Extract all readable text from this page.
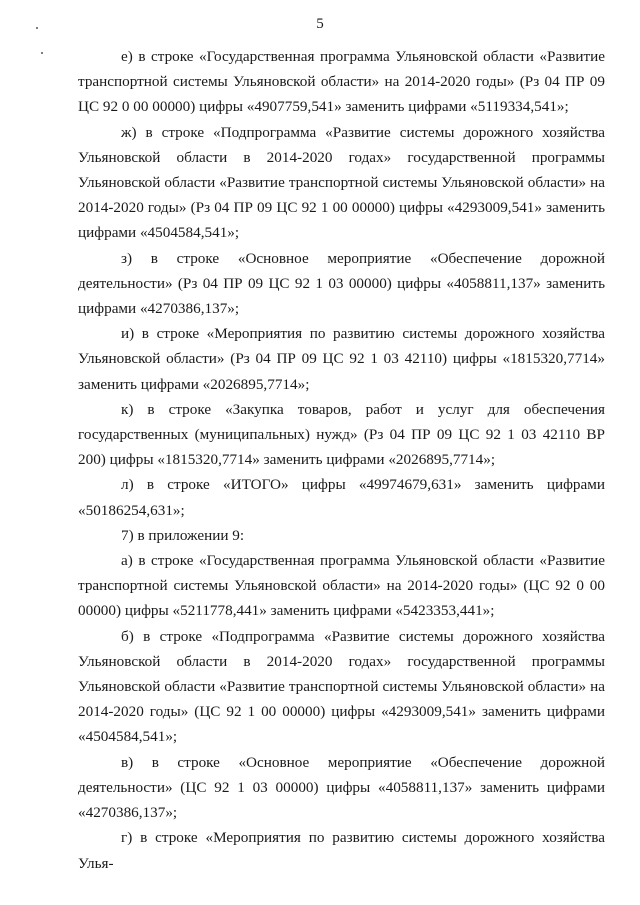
5

е) в строке «Государственная программа Ульяновской области «Развитие транспортной системы Ульяновской области» на 2014-2020 годы» (Рз 04 ПР 09 ЦС 92 0 00 00000) цифры «4907759,541» заменить цифрами «5119334,541»;

ж) в строке «Подпрограмма «Развитие системы дорожного хозяйства Ульяновской области в 2014-2020 годах» государственной программы Ульяновской области «Развитие транспортной системы Ульяновской области» на 2014-2020 годы» (Рз 04 ПР 09 ЦС 92 1 00 00000) цифры «4293009,541» заменить цифрами «4504584,541»;

з) в строке «Основное мероприятие «Обеспечение дорожной деятельности» (Рз 04 ПР 09 ЦС 92 1 03 00000) цифры «4058811,137» заменить цифрами «4270386,137»;

и) в строке «Мероприятия по развитию системы дорожного хозяйства Ульяновской области» (Рз 04 ПР 09 ЦС 92 1 03 42110) цифры «1815320,7714» заменить цифрами «2026895,7714»;

к) в строке «Закупка товаров, работ и услуг для обеспечения государственных (муниципальных) нужд» (Рз 04 ПР 09 ЦС 92 1 03 42110 ВР 200) цифры «1815320,7714» заменить цифрами «2026895,7714»;

л) в строке «ИТОГО» цифры «49974679,631» заменить цифрами «50186254,631»;

7) в приложении 9:

а) в строке «Государственная программа Ульяновской области «Развитие транспортной системы Ульяновской области» на 2014-2020 годы» (ЦС 92 0 00 00000) цифры «5211778,441» заменить цифрами «5423353,441»;

б) в строке «Подпрограмма «Развитие системы дорожного хозяйства Ульяновской области в 2014-2020 годах» государственной программы Ульяновской области «Развитие транспортной системы Ульяновской области» на 2014-2020 годы» (ЦС 92 1 00 00000) цифры «4293009,541» заменить цифрами «4504584,541»;

в) в строке «Основное мероприятие «Обеспечение дорожной деятельности» (ЦС 92 1 03 00000) цифры «4058811,137» заменить цифрами «4270386,137»;

г) в строке «Мероприятия по развитию системы дорожного хозяйства Улья-
